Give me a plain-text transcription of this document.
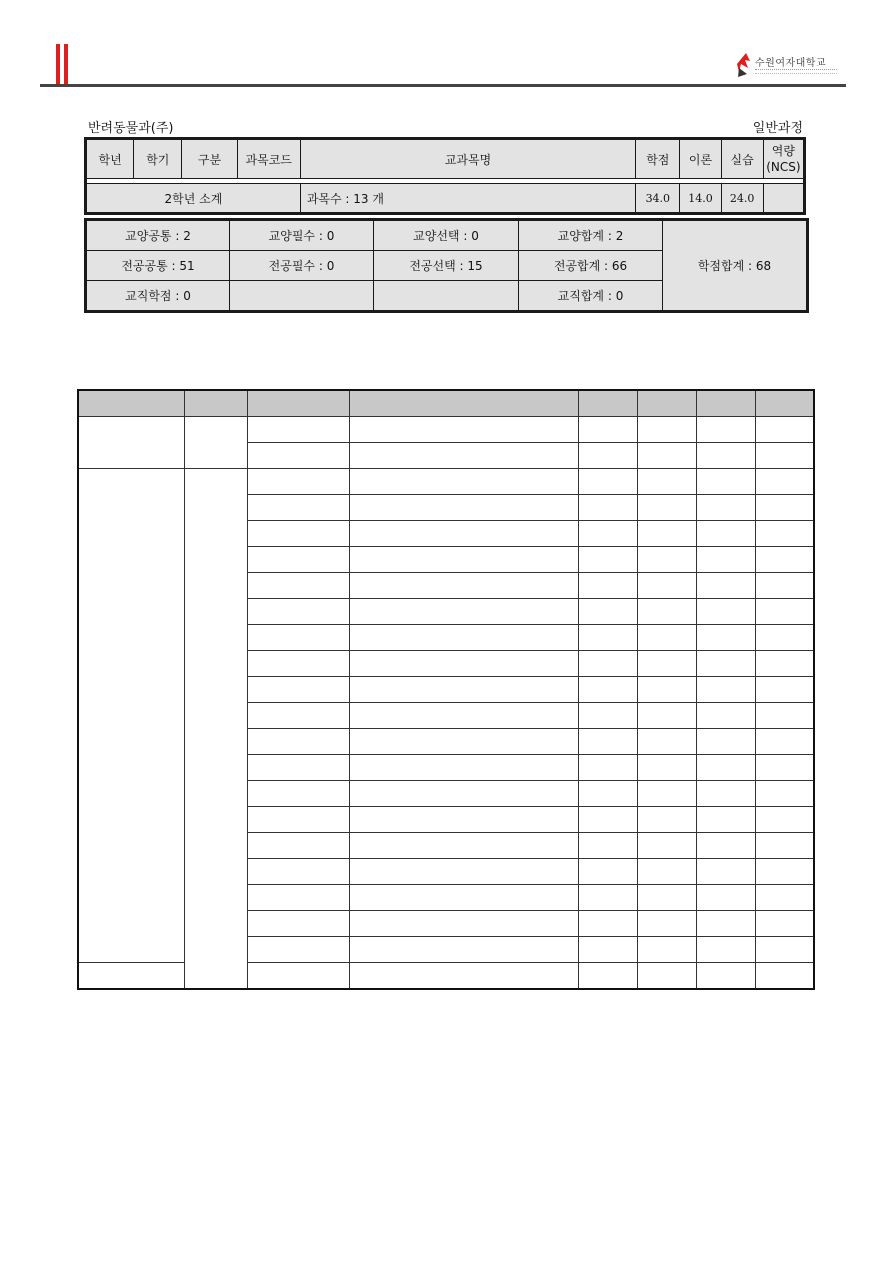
수원여자대학교
반려동물과(주)	일반과정
학년	학기	구분	과목코드	교과목명	학점	이론	실습	역량
(NCS)

2학년 소계				과목수 : 13 개	34.0	14.0	24.0	
교양공통 : 2	교양필수 : 0	교양선택 : 0	교양합계 : 2	학점합계 : 68
전공공통 : 51	전공필수 : 0	전공선택 : 15	전공합계 : 66	
교직학점 : 0			교직합계 : 0	
